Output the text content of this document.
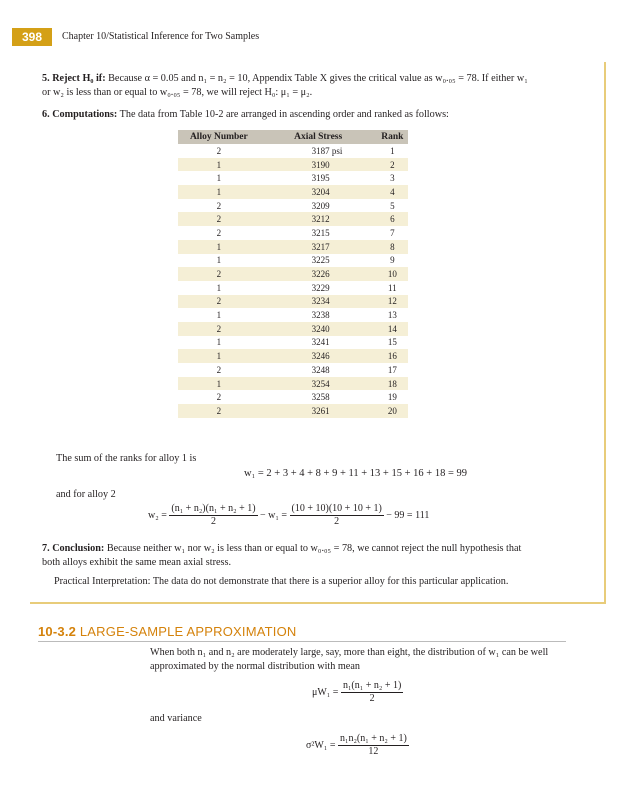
398	Chapter 10/Statistical Inference for Two Samples
5. Reject H₀ if: Because α = 0.05 and n₁ = n₂ = 10, Appendix Table X gives the critical value as w₀.₀₅ = 78. If either w₁
or w₂ is less than or equal to w₀.₀₅ = 78, we will reject H₀: μ₁ = μ₂.
6. Computations: The data from Table 10-2 are arranged in ascending order and ranked as follows:
Alloy Number	Axial Stress	Rank
2	3187 psi	1
1	3190	2
1	3195	3
1	3204	4
2	3209	5
2	3212	6
2	3215	7
1	3217	8
1	3225	9
2	3226	10
1	3229	11
2	3234	12
1	3238	13
2	3240	14
1	3241	15
1	3246	16
2	3248	17
1	3254	18
2	3258	19
2	3261	20
The sum of the ranks for alloy 1 is
w₁ = 2 + 3 + 4 + 8 + 9 + 11 + 13 + 15 + 16 + 18 = 99
and for alloy 2
$w_2 = \frac{\text{(n₁ + n₂)(n₁ + n₂ + 1)}}{2} - w_1 = \frac{(10 + 10)(10 + 10 + 1)}{2} - 99 = 111$
7. Conclusion: Because neither w₁ nor w₂ is less than or equal to w₀.₀₅ = 78, we cannot reject the null hypothesis that
both alloys exhibit the same mean axial stress.
Practical Interpretation: The data do not demonstrate that there is a superior alloy for this particular application.
10-3.2 LARGE-SAMPLE APPROXIMATION
When both n₁ and n₂ are moderately large, say, more than eight, the distribution of w₁ can be well approximated by the normal distribution with mean
$\mu W_1 = \frac{\text{n₁(n₁ + n₂ + 1)}}{2}$
and variance
$\sigma^2W_1 = \frac{\text{n₁n₂(n₁ + n₂ + 1)}}{12}$
